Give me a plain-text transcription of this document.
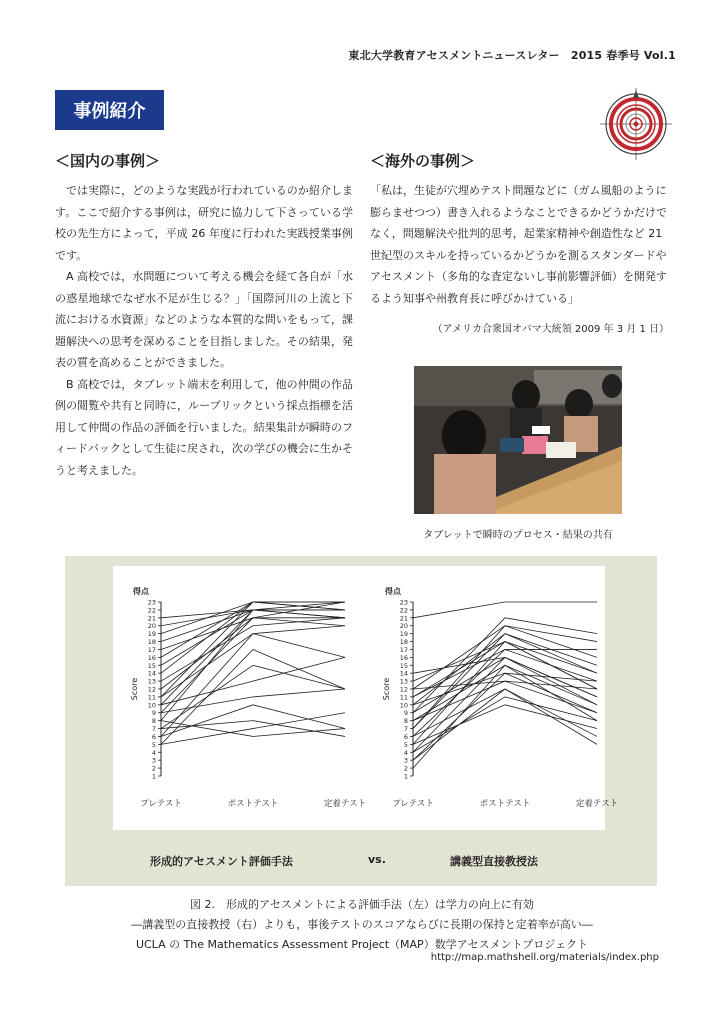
東北大学教育アセスメントニュースレター　2015 春季号 Vol.1
事例紹介
＜国内の事例＞	＜海外の事例＞

では実際に，どのような実践が行われているのか紹介します。ここで紹介する事例は，研究に協力して下さっている学校の先生方によって，平成 26 年度に行われた実践授業事例です。

A 高校では，水問題について考える機会を経て各自が「水の惑星地球でなぜ水不足が生じる？」「国際河川の上流と下流における水資源」などのような本質的な問いをもって，課題解決への思考を深めることを目指しました。その結果，発表の質を高めることができました。

B 高校では，タブレット端末を利用して，他の仲間の作品例の閲覧や共有と同時に，ルーブリックという採点指標を活用して仲間の作品の評価を行いました。結果集計が瞬時のフィードバックとして生徒に戻され，次の学びの機会に生かそうと考えました。

「私は，生徒が穴埋めテスト問題などに（ガム風船のように膨らませつつ）書き入れるようなことできるかどうかだけでなく，問題解決や批判的思考，起業家精神や創造性など 21 世紀型のスキルを持っているかどうかを測るスタンダードやアセスメント（多角的な査定ないし事前影響評価）を開発するよう知事や州教育長に呼びかけている」
（アメリカ合衆国オバマ大統領 2009 年 3 月 1 日）
タブレットで瞬時のプロセス・結果の共有
得点
1
2
3
4
5
6
7
8
9
10
11
12
13
14
15
16
17
18
19
20
21
22
23
Score
プレテスト	ポストテスト	定着テスト
得点
1
2
3
4
5
6
7
8
9
10
11
12
13
14
15
16
17
18
19
20
21
22
23
Score
プレテスト	ポストテスト	定着テスト
形成的アセスメント評価手法	vs.	講義型直接教授法
図 2.　形成的アセスメントによる評価手法（左）は学力の向上に有効
―講義型の直接教授（右）よりも，事後テストのスコアならびに長期の保持と定着率が高い―
UCLA の The Mathematics Assessment Project（MAP）数学アセスメントプロジェクト
http://map.mathshell.org/materials/index.php
